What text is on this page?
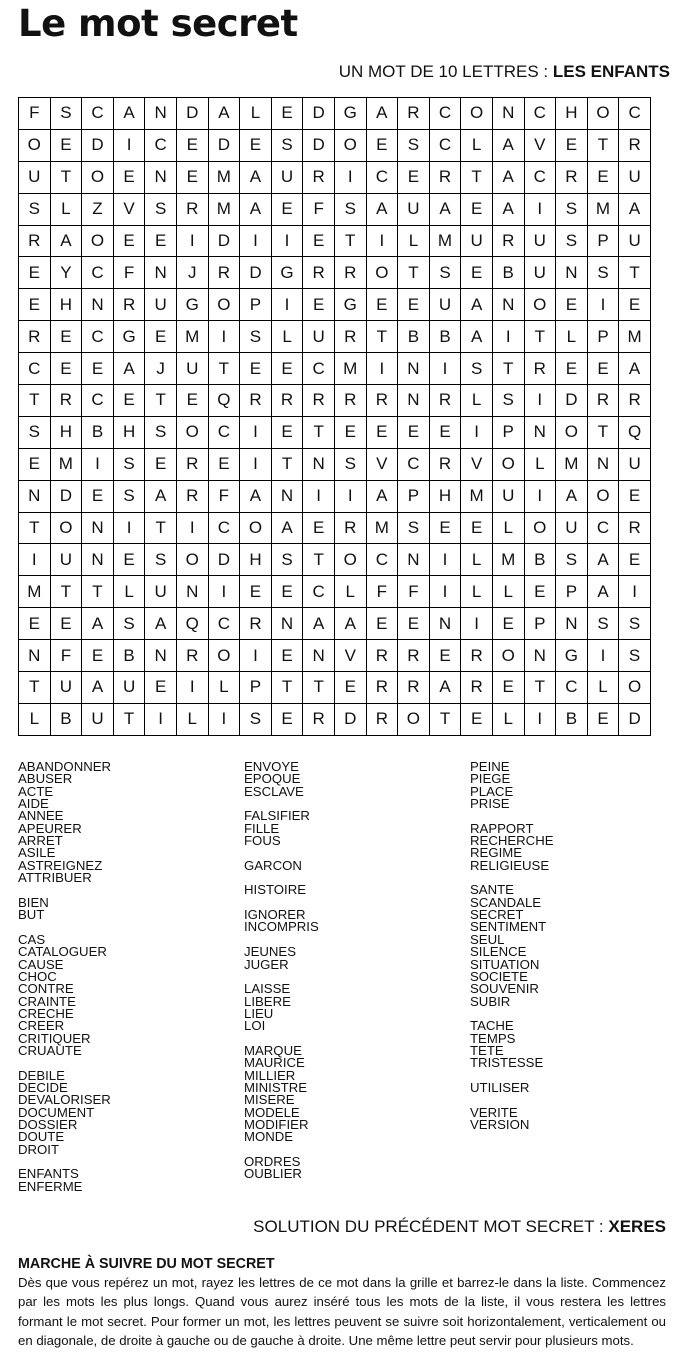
Le mot secret
UN MOT DE 10 LETTRES : LES ENFANTS
F	S	C	A	N	D	A	L	E	D	G	A	R	C	O	N	C	H	O	C
O	E	D	I	C	E	D	E	S	D	O	E	S	C	L	A	V	E	T	R
U	T	O	E	N	E	M	A	U	R	I	C	E	R	T	A	C	R	E	U
S	L	Z	V	S	R	M	A	E	F	S	A	U	A	E	A	I	S	M	A
R	A	O	E	E	I	D	I	I	E	T	I	L	M	U	R	U	S	P	U
E	Y	C	F	N	J	R	D	G	R	R	O	T	S	E	B	U	N	S	T
E	H	N	R	U	G	O	P	I	E	G	E	E	U	A	N	O	E	I	E
R	E	C	G	E	M	I	S	L	U	R	T	B	B	A	I	T	L	P	M
C	E	E	A	J	U	T	E	E	C	M	I	N	I	S	T	R	E	E	A
T	R	C	E	T	E	Q	R	R	R	R	R	N	R	L	S	I	D	R	R
S	H	B	H	S	O	C	I	E	T	E	E	E	E	I	P	N	O	T	Q
E	M	I	S	E	R	E	I	T	N	S	V	C	R	V	O	L	M	N	U
N	D	E	S	A	R	F	A	N	I	I	A	P	H	M	U	I	A	O	E
T	O	N	I	T	I	C	O	A	E	R	M	S	E	E	L	O	U	C	R
I	U	N	E	S	O	D	H	S	T	O	C	N	I	L	M	B	S	A	E
M	T	T	L	U	N	I	E	E	C	L	F	F	I	L	L	E	P	A	I
E	E	A	S	A	Q	C	R	N	A	A	E	E	N	I	E	P	N	S	S
N	F	E	B	N	R	O	I	E	N	V	R	R	E	R	O	N	G	I	S
T	U	A	U	E	I	L	P	T	T	E	R	R	A	R	E	T	C	L	O
L	B	U	T	I	L	I	S	E	R	D	R	O	T	E	L	I	B	E	D
ABANDONNER
ABUSER
ACTE
AIDE
ANNEE
APEURER
ARRET
ASILE
ASTREIGNEZ
ATTRIBUER
BIEN
BUT
CAS
CATALOGUER
CAUSE
CHOC
CONTRE
CRAINTE
CRECHE
CREER
CRITIQUER
CRUAUTE
DEBILE
DECIDE
DEVALORISER
DOCUMENT
DOSSIER
DOUTE
DROIT
ENFANTS
ENFERME
ENVOYE
EPOQUE
ESCLAVE
FALSIFIER
FILLE
FOUS
GARCON
HISTOIRE
IGNORER
INCOMPRIS
JEUNES
JUGER
LAISSE
LIBERE
LIEU
LOI
MARQUE
MAURICE
MILLIER
MINISTRE
MISERE
MODELE
MODIFIER
MONDE
ORDRES
OUBLIER
PEINE
PIEGE
PLACE
PRISE
RAPPORT
RECHERCHE
REGIME
RELIGIEUSE
SANTE
SCANDALE
SECRET
SENTIMENT
SEUL
SILENCE
SITUATION
SOCIETE
SOUVENIR
SUBIR
TACHE
TEMPS
TETE
TRISTESSE
UTILISER
VERITE
VERSION
SOLUTION DU PRÉCÉDENT MOT SECRET : XERES
MARCHE À SUIVRE DU MOT SECRET
Dès que vous repérez un mot, rayez les lettres de ce mot dans la grille et barrez-le dans la liste. Commencez par les mots les plus longs. Quand vous aurez inséré tous les mots de la liste, il vous restera les lettres formant le mot secret. Pour former un mot, les lettres peuvent se suivre soit horizontalement, verticalement ou en diagonale, de droite à gauche ou de gauche à droite. Une même lettre peut servir pour plusieurs mots.
